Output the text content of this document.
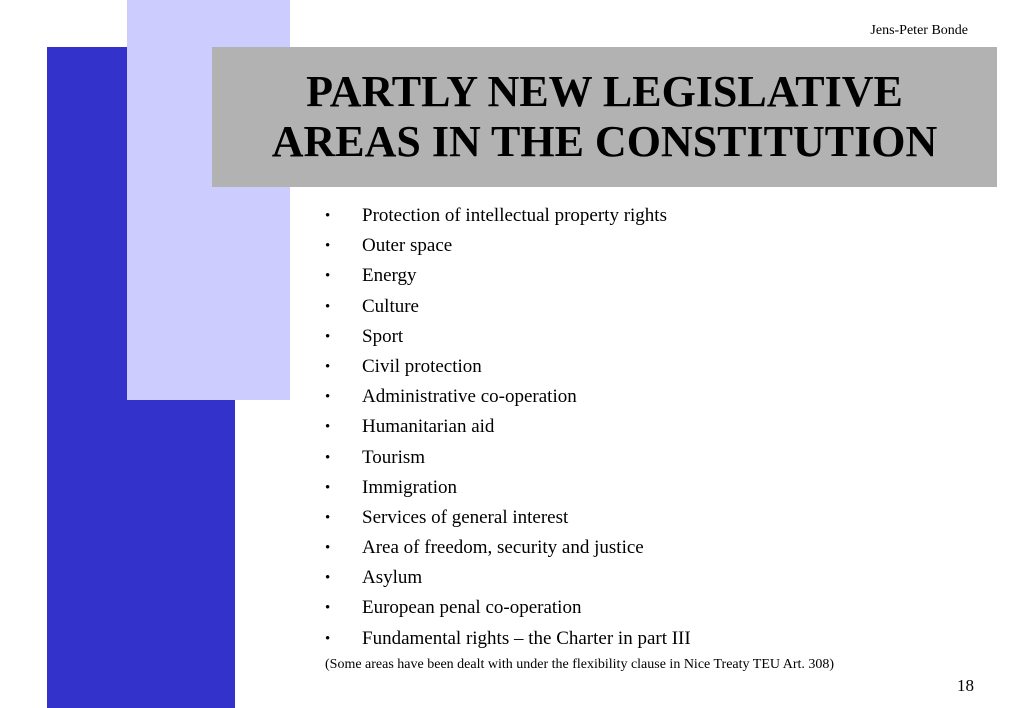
Jens-Peter Bonde
PARTLY NEW LEGISLATIVE
AREAS IN THE CONSTITUTION
• Protection of intellectual property rights
• Outer space
• Energy
• Culture
• Sport
• Civil protection
• Administrative co-operation
• Humanitarian aid
• Tourism
• Immigration
• Services of general interest
• Area of freedom, security and justice
• Asylum
• European penal co-operation
• Fundamental rights – the Charter in part III
(Some areas have been dealt with under the flexibility clause in Nice Treaty TEU Art. 308)
18
